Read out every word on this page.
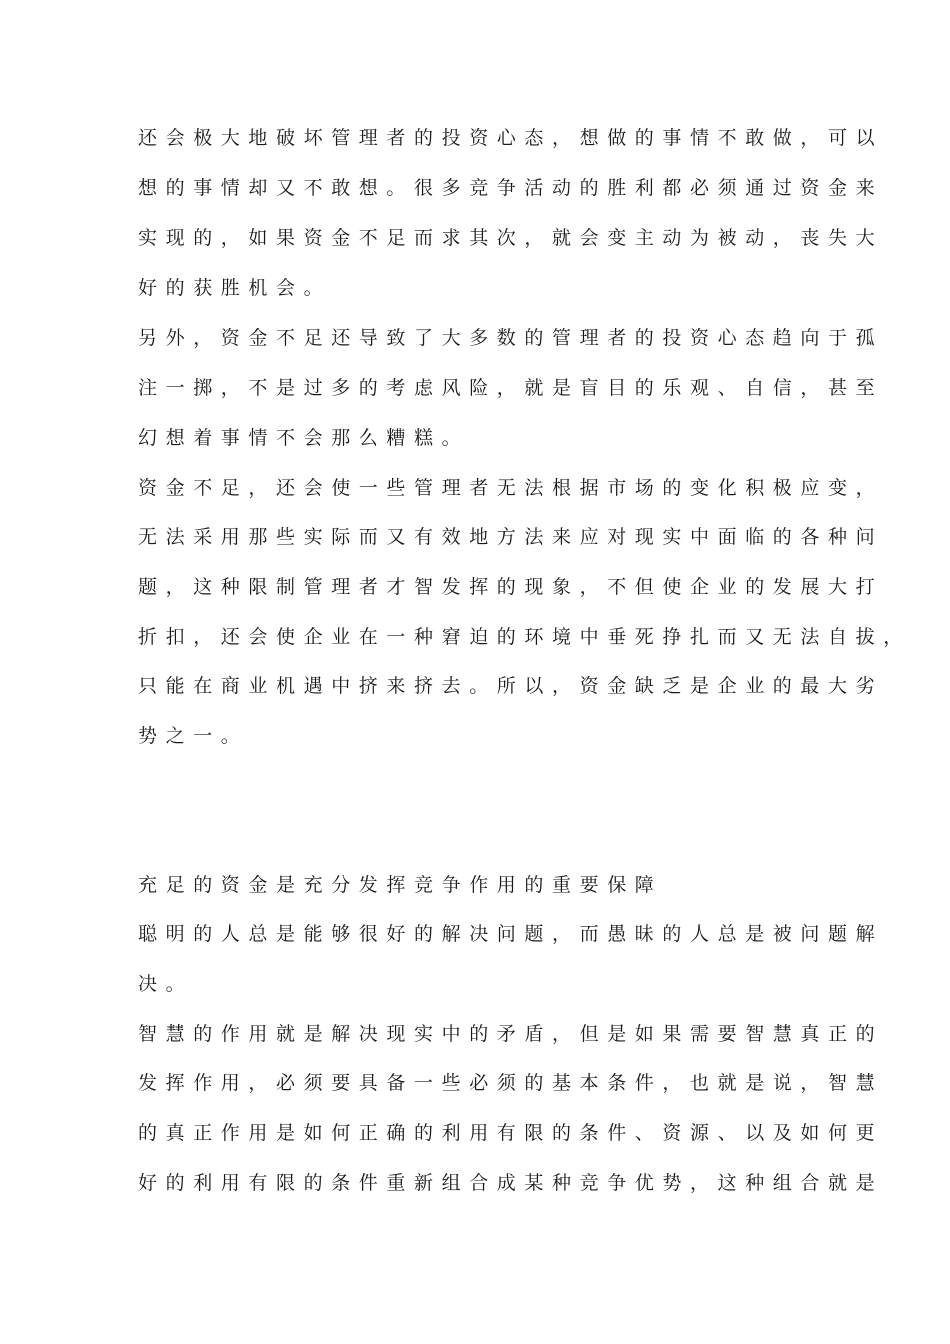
还会极大地破坏管理者的投资心态，想做的事情不敢做，可以
想的事情却又不敢想。很多竞争活动的胜利都必须通过资金来
实现的，如果资金不足而求其次，就会变主动为被动，丧失大
好的获胜机会。
另外，资金不足还导致了大多数的管理者的投资心态趋向于孤
注一掷，不是过多的考虑风险，就是盲目的乐观、自信，甚至
幻想着事情不会那么糟糕。
资金不足，还会使一些管理者无法根据市场的变化积极应变，
无法采用那些实际而又有效地方法来应对现实中面临的各种问
题，这种限制管理者才智发挥的现象，不但使企业的发展大打
折扣，还会使企业在一种窘迫的环境中垂死挣扎而又无法自拔，
只能在商业机遇中挤来挤去。所以，资金缺乏是企业的最大劣
势之一。
充足的资金是充分发挥竞争作用的重要保障
聪明的人总是能够很好的解决问题，而愚昧的人总是被问题解
决。
智慧的作用就是解决现实中的矛盾，但是如果需要智慧真正的
发挥作用，必须要具备一些必须的基本条件，也就是说，智慧
的真正作用是如何正确的利用有限的条件、资源、以及如何更
好的利用有限的条件重新组合成某种竞争优势，这种组合就是
